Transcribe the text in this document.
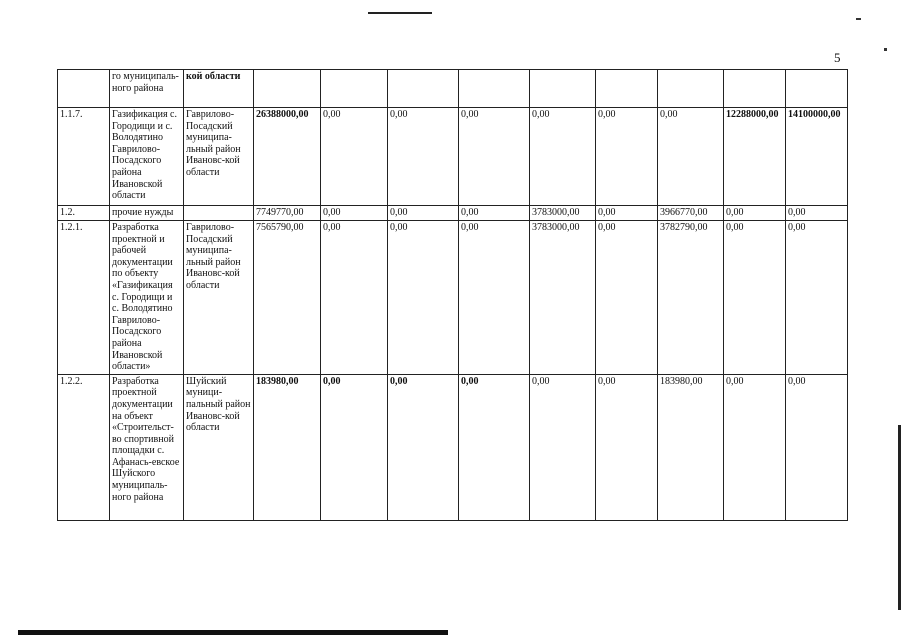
5
	го муниципаль-ного района	кой области									
1.1.7.	Газификация с. Городищи и с. Володятино Гаврилово-Посадского района Ивановской области	Гаврилово-Посадский муниципа-льный район Ивановс-кой области	26388000,00	0,00	0,00	0,00	0,00	0,00	0,00	12288000,00	14100000,00
1.2.	прочие нужды		7749770,00	0,00	0,00	0,00	3783000,00	0,00	3966770,00	0,00	0,00
1.2.1.	Разработка проектной и рабочей документации по объекту «Газификация с. Городищи и с. Володятино Гаврилово-Посадского района Ивановской области»	Гаврилово-Посадский муниципа-льный район Ивановс-кой области	7565790,00	0,00	0,00	0,00	3783000,00	0,00	3782790,00	0,00	0,00
1.2.2.	Разработка проектной документации на объект «Строительст-во спортивной площадки с. Афанась-евское Шуйского муниципаль-ного района	Шуйский муници-пальный район Ивановс-кой области	183980,00	0,00	0,00	0,00	0,00	0,00	183980,00	0,00	0,00
